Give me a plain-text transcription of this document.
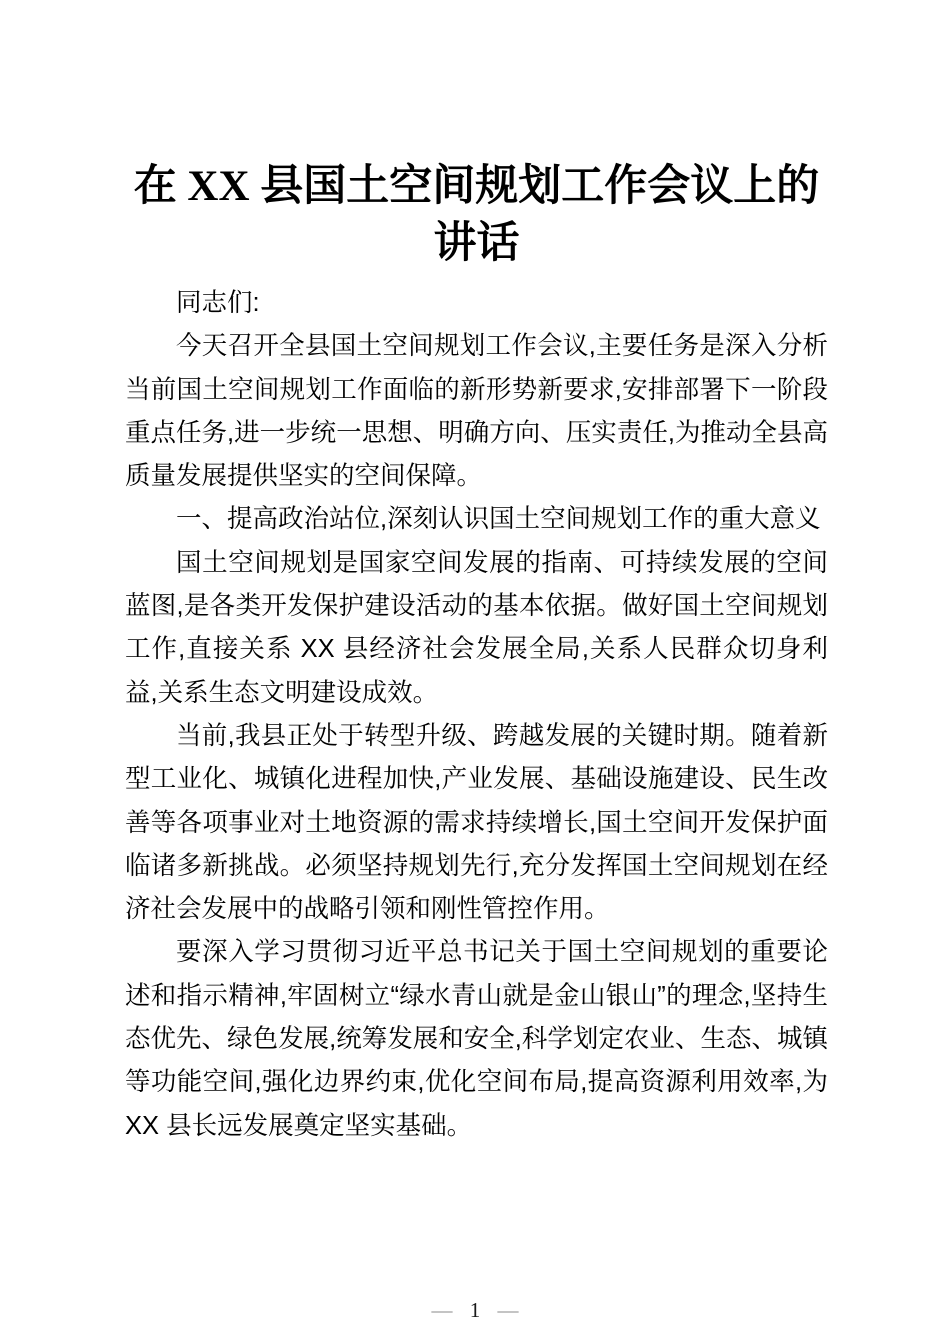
在 XX 县国土空间规划工作会议上的讲话

同志们:

今天召开全县国土空间规划工作会议,主要任务是深入分析当前国土空间规划工作面临的新形势新要求,安排部署下一阶段重点任务,进一步统一思想、明确方向、压实责任,为推动全县高质量发展提供坚实的空间保障。

一、提高政治站位,深刻认识国土空间规划工作的重大意义

国土空间规划是国家空间发展的指南、可持续发展的空间蓝图,是各类开发保护建设活动的基本依据。做好国土空间规划工作,直接关系 XX 县经济社会发展全局,关系人民群众切身利益,关系生态文明建设成效。

当前,我县正处于转型升级、跨越发展的关键时期。随着新型工业化、城镇化进程加快,产业发展、基础设施建设、民生改善等各项事业对土地资源的需求持续增长,国土空间开发保护面临诸多新挑战。必须坚持规划先行,充分发挥国土空间规划在经济社会发展中的战略引领和刚性管控作用。

要深入学习贯彻习近平总书记关于国土空间规划的重要论述和指示精神,牢固树立“绿水青山就是金山银山”的理念,坚持生态优先、绿色发展,统筹发展和安全,科学划定农业、生态、城镇等功能空间,强化边界约束,优化空间布局,提高资源利用效率,为 XX 县长远发展奠定坚实基础。

— 1 —
